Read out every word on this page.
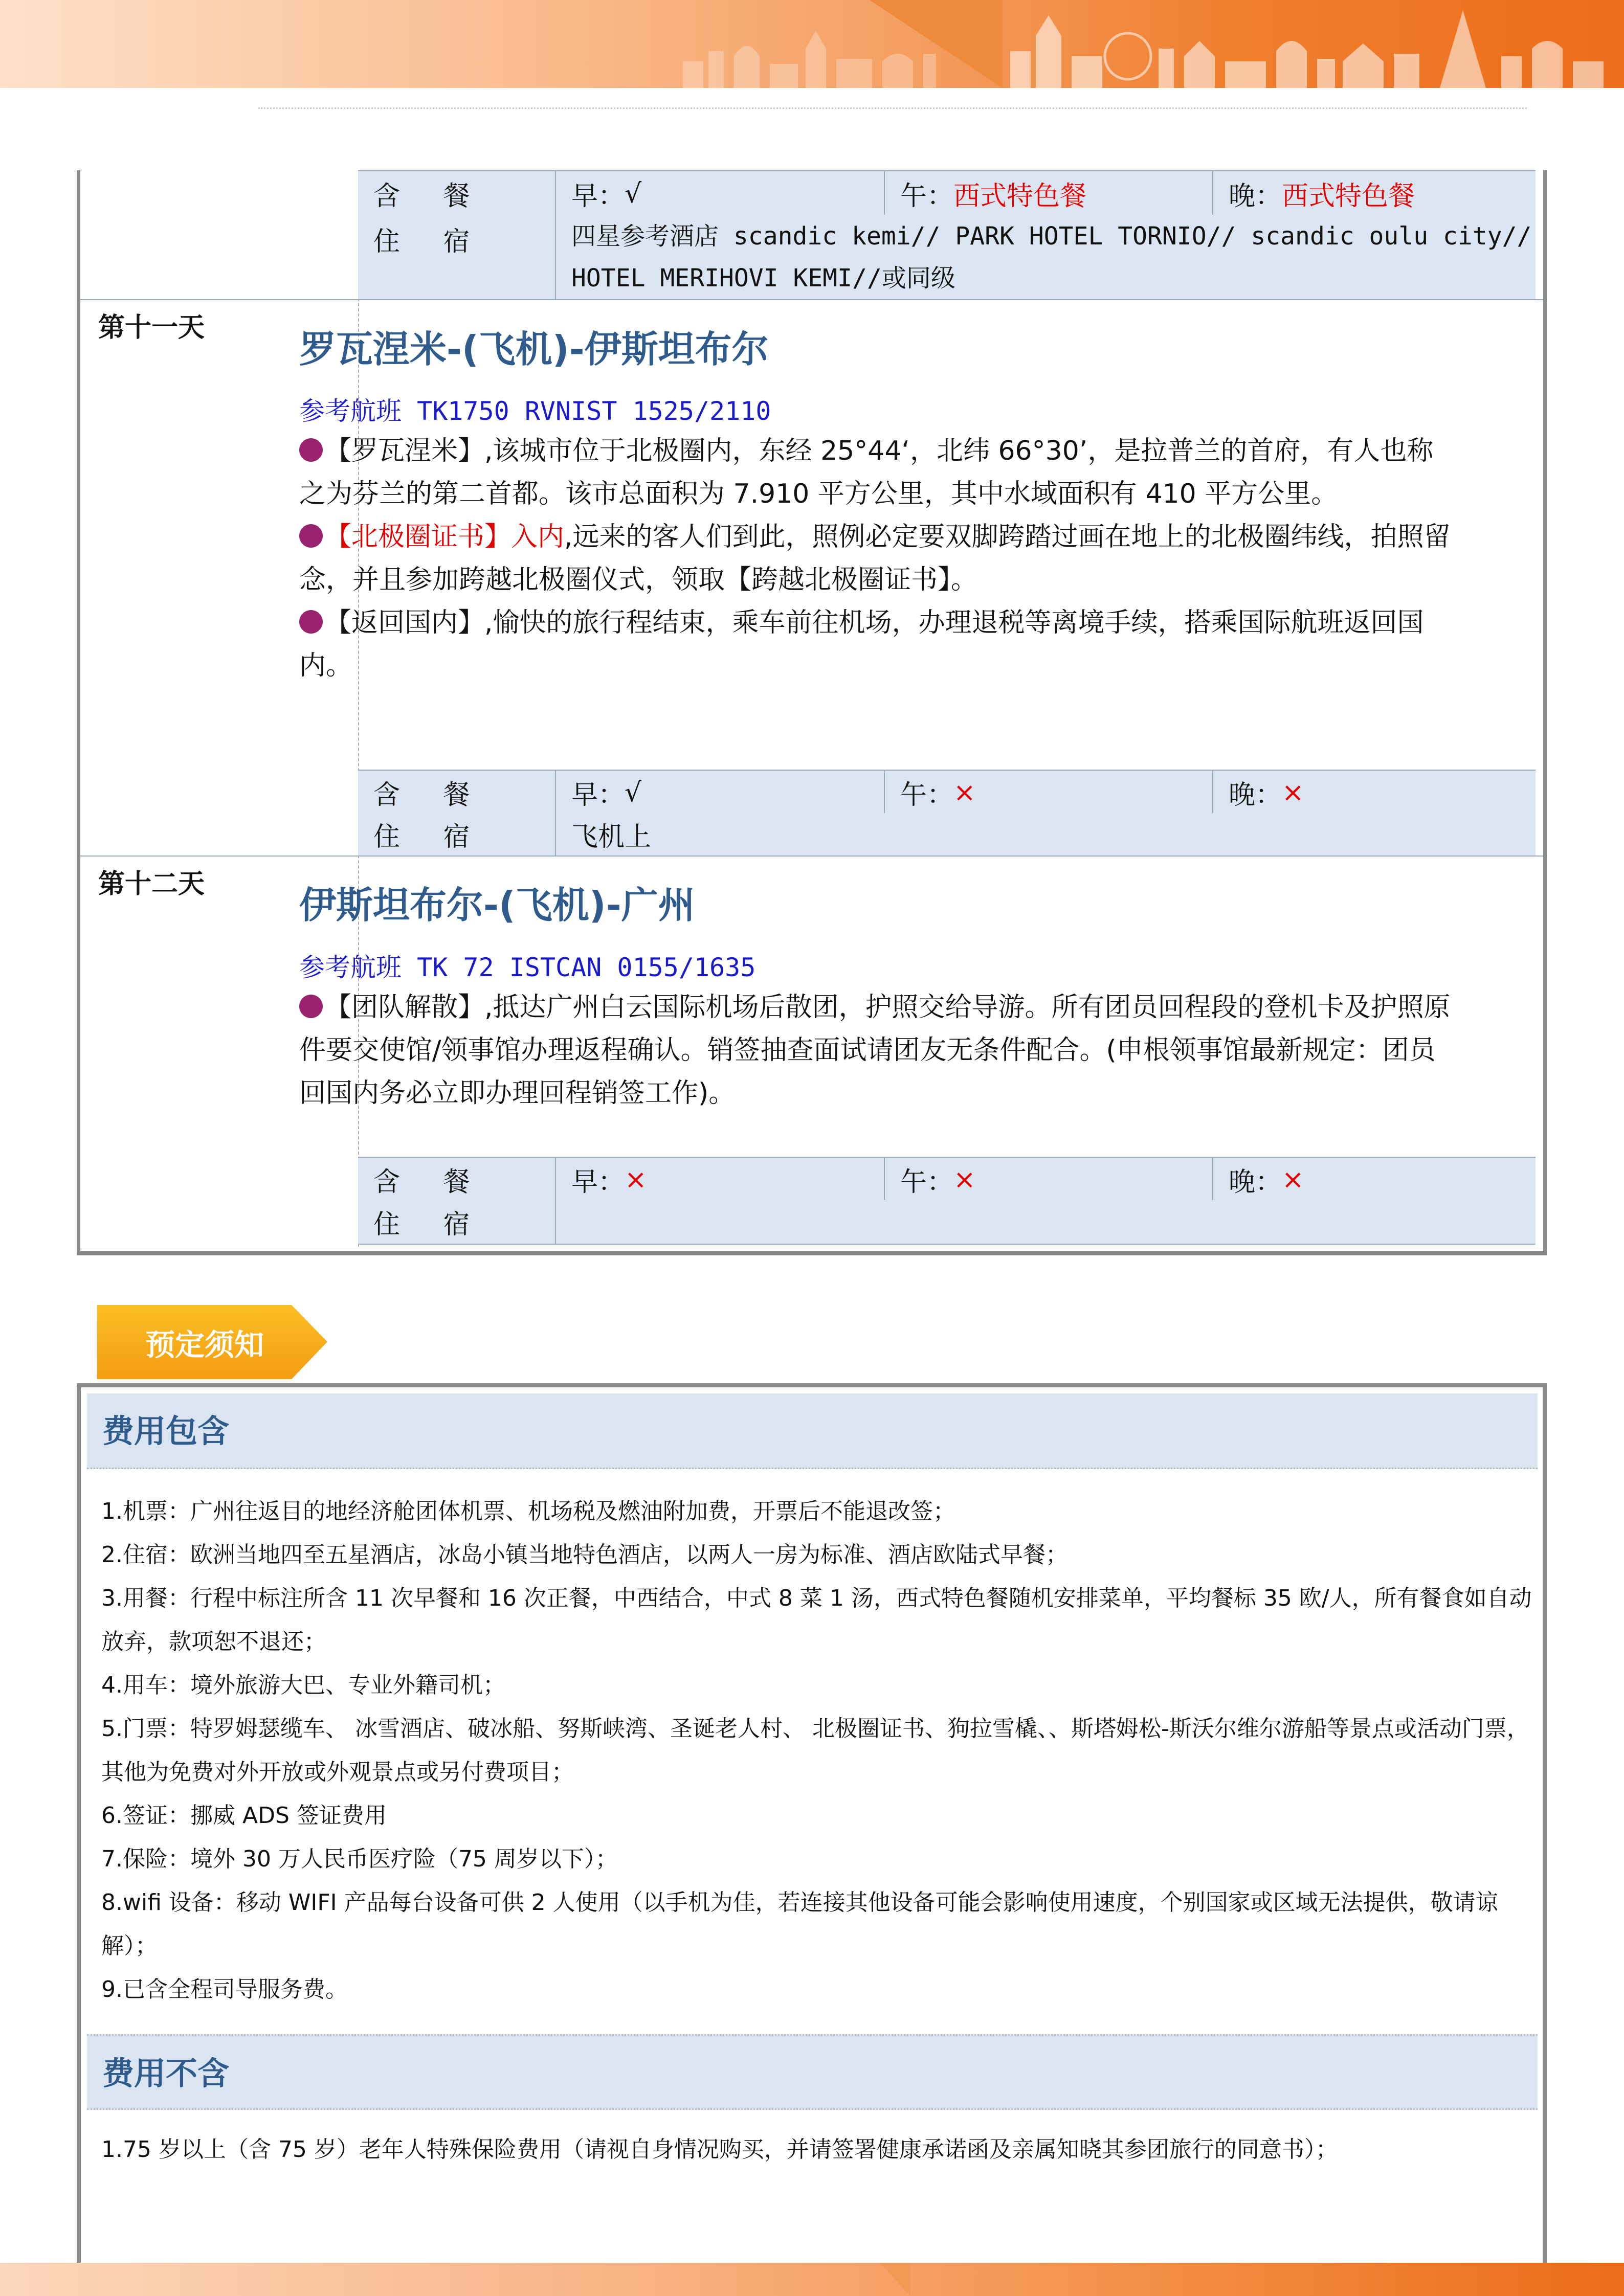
含 餐	早： √	午： 西式特色餐	晚： 西式特色餐
住 宿	四星参考酒店 scandic kemi// PARK HOTEL TORNIO// scandic oulu city//
HOTEL MERIHOVI KEMI//或同级
第十一天	罗瓦涅米-(飞机)-伊斯坦布尔
参考航班 TK1750 RVNIST 1525/2110
【罗瓦涅米】,该城市位于北极圈内，东经 25°44‘，北纬 66°30’，是拉普兰的首府，有人也称之为芬兰的第二首都。该市总面积为 7.910 平方公里，其中水域面积有 410 平方公里。
【北极圈证书】入内,远来的客人们到此，照例必定要双脚跨踏过画在地上的北极圈纬线，拍照留念，并且参加跨越北极圈仪式，领取【跨越北极圈证书】。
【返回国内】,愉快的旅行程结束，乘车前往机场，办理退税等离境手续，搭乘国际航班返回国内。
含 餐	早： √	午： ×	晚： ×
住 宿	飞机上
第十二天	伊斯坦布尔-(飞机)-广州
参考航班 TK 72 ISTCAN 0155/1635
【团队解散】,抵达广州白云国际机场后散团，护照交给导游。所有团员回程段的登机卡及护照原件要交使馆/领事馆办理返程确认。销签抽查面试请团友无条件配合。(申根领事馆最新规定：团员回国内务必立即办理回程销签工作)。
含 餐	早： ×	午： ×	晚： ×
住 宿
预定须知
费用包含
1.机票：广州往返目的地经济舱团体机票、机场税及燃油附加费，开票后不能退改签；
2.住宿：欧洲当地四至五星酒店，冰岛小镇当地特色酒店，以两人一房为标准、酒店欧陆式早餐；
3.用餐：行程中标注所含 11 次早餐和 16 次正餐，中西结合，中式 8 菜 1 汤，西式特色餐随机安排菜单，平均餐标 35 欧/人，所有餐食如自动放弃，款项恕不退还；
4.用车：境外旅游大巴、专业外籍司机；
5.门票：特罗姆瑟缆车、 冰雪酒店、破冰船、努斯峡湾、圣诞老人村、 北极圈证书、狗拉雪橇、、斯塔姆松-斯沃尔维尔游船等景点或活动门票，其他为免费对外开放或外观景点或另付费项目；
6.签证：挪威 ADS 签证费用
7.保险：境外 30 万人民币医疗险（75 周岁以下）；
8.wifi 设备：移动 WIFI 产品每台设备可供 2 人使用（以手机为佳，若连接其他设备可能会影响使用速度，个别国家或区域无法提供，敬请谅解）；
9.已含全程司导服务费。
费用不含
1.75 岁以上（含 75 岁）老年人特殊保险费用（请视自身情况购买，并请签署健康承诺函及亲属知晓其参团旅行的同意书）；
